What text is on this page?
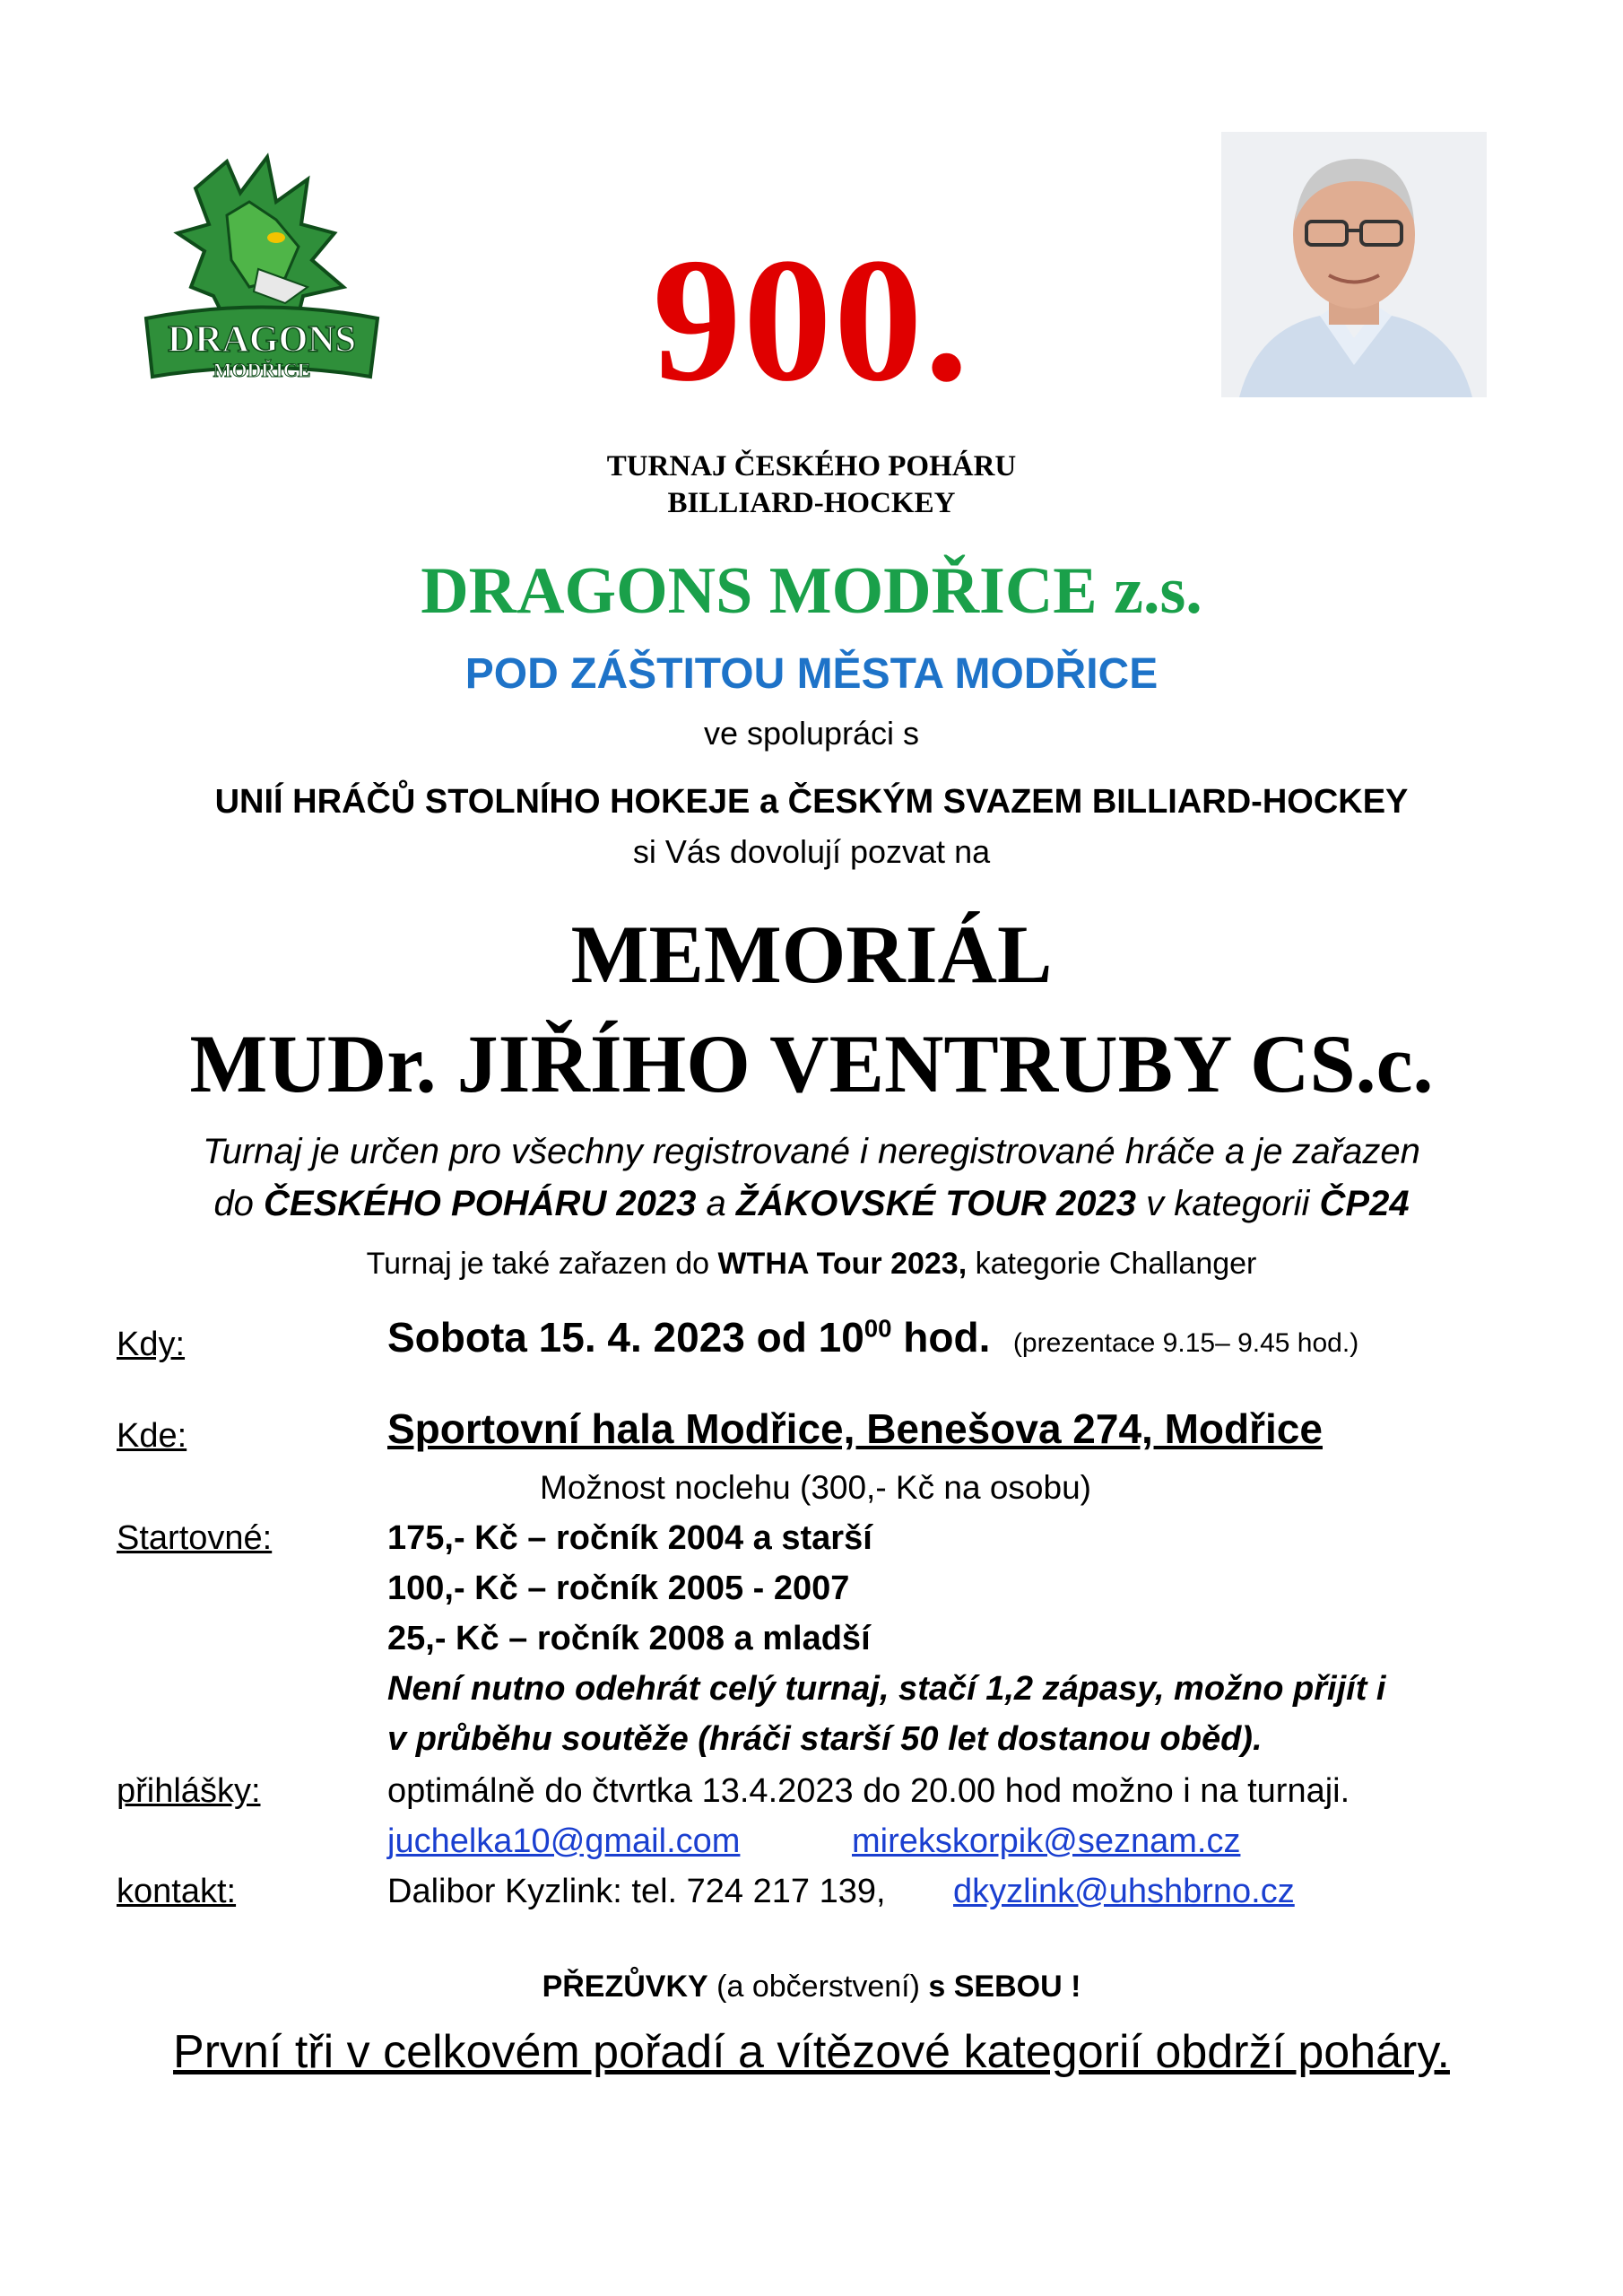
DRAGONS
MODŘICE	900.
TURNAJ ČESKÉHO POHÁRU
BILLIARD-HOCKEY
DRAGONS MODŘICE z.s.
POD ZÁŠTITOU MĚSTA MODŘICE
ve spolupráci s
UNIÍ HRÁČŮ STOLNÍHO HOKEJE a ČESKÝM SVAZEM BILLIARD-HOCKEY
si Vás dovolují pozvat na
MEMORIÁL
MUDr. JIŘÍHO VENTRUBY CS.c.
Turnaj je určen pro všechny registrované i neregistrované hráče a je zařazen
do ČESKÉHO POHÁRU 2023 a ŽÁKOVSKÉ TOUR 2023 v kategorii ČP24
Turnaj je také zařazen do WTHA Tour 2023, kategorie Challanger
Kdy:	Sobota 15. 4. 2023 od $10^{00}$ hod. (prezentace 9.15– 9.45 hod.)
Kde:	Sportovní hala Modřice, Benešova 274, Modřice
Možnost noclehu (300,- Kč na osobu)
Startovné:	175,- Kč – ročník 2004 a starší
100,- Kč – ročník 2005 - 2007
25,- Kč – ročník 2008 a mladší
Není nutno odehrát celý turnaj, stačí 1,2 zápasy, možno přijít i
v průběhu soutěže (hráči starší 50 let dostanou oběd).
přihlášky:	optimálně do čtvrtka 13.4.2023 do 20.00 hod možno i na turnaji.
juchelka10@gmail.com	mirekskorpik@seznam.cz
kontakt:	Dalibor Kyzlink: tel. 724 217 139, dkyzlink@uhshbrno.cz
PŘEZŮVKY (a občerstvení) s SEBOU !
První tři v celkovém pořadí a vítězové kategorií obdrží poháry.
